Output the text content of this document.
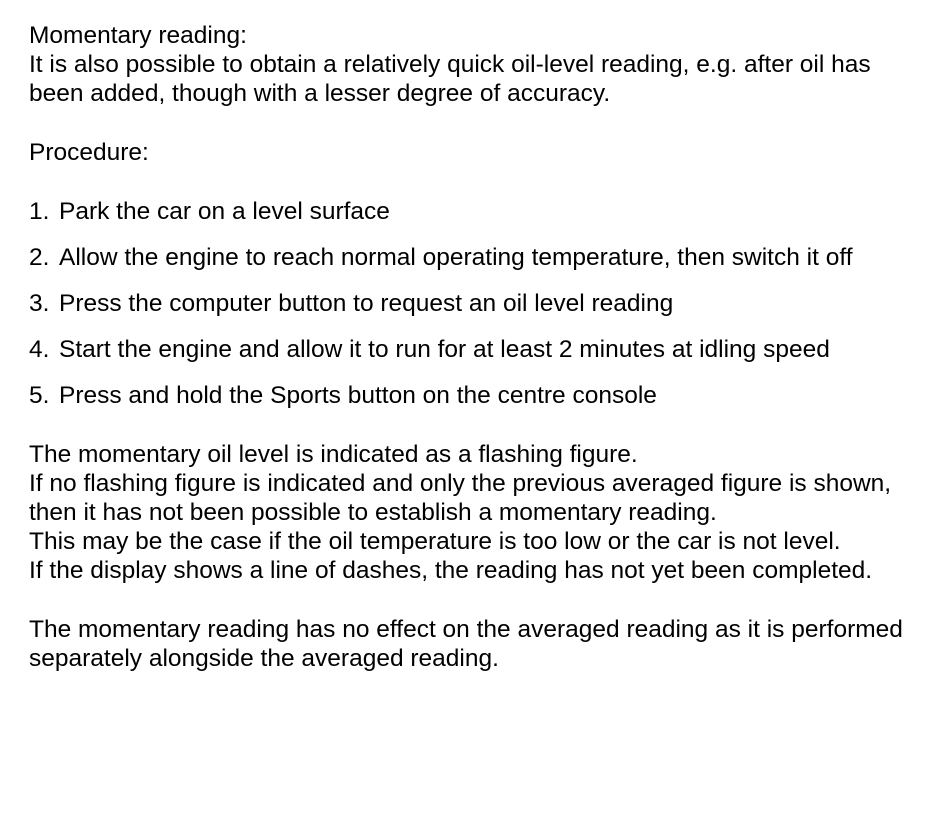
Momentary reading:

It is also possible to obtain a relatively quick oil-level reading, e.g. after oil has been added, though with a lesser degree of accuracy.

Procedure:

1. Park the car on a level surface
2. Allow the engine to reach normal operating temperature, then switch it off
3. Press the computer button to request an oil level reading
4. Start the engine and allow it to run for at least 2 minutes at idling speed
5. Press and hold the Sports button on the centre console
The momentary oil level is indicated as a flashing figure.
If no flashing figure is indicated and only the previous averaged figure is shown, then it has not been possible to establish a momentary reading.
This may be the case if the oil temperature is too low or the car is not level.
If the display shows a line of dashes, the reading has not yet been completed.

The momentary reading has no effect on the averaged reading as it is performed separately alongside the averaged reading.
